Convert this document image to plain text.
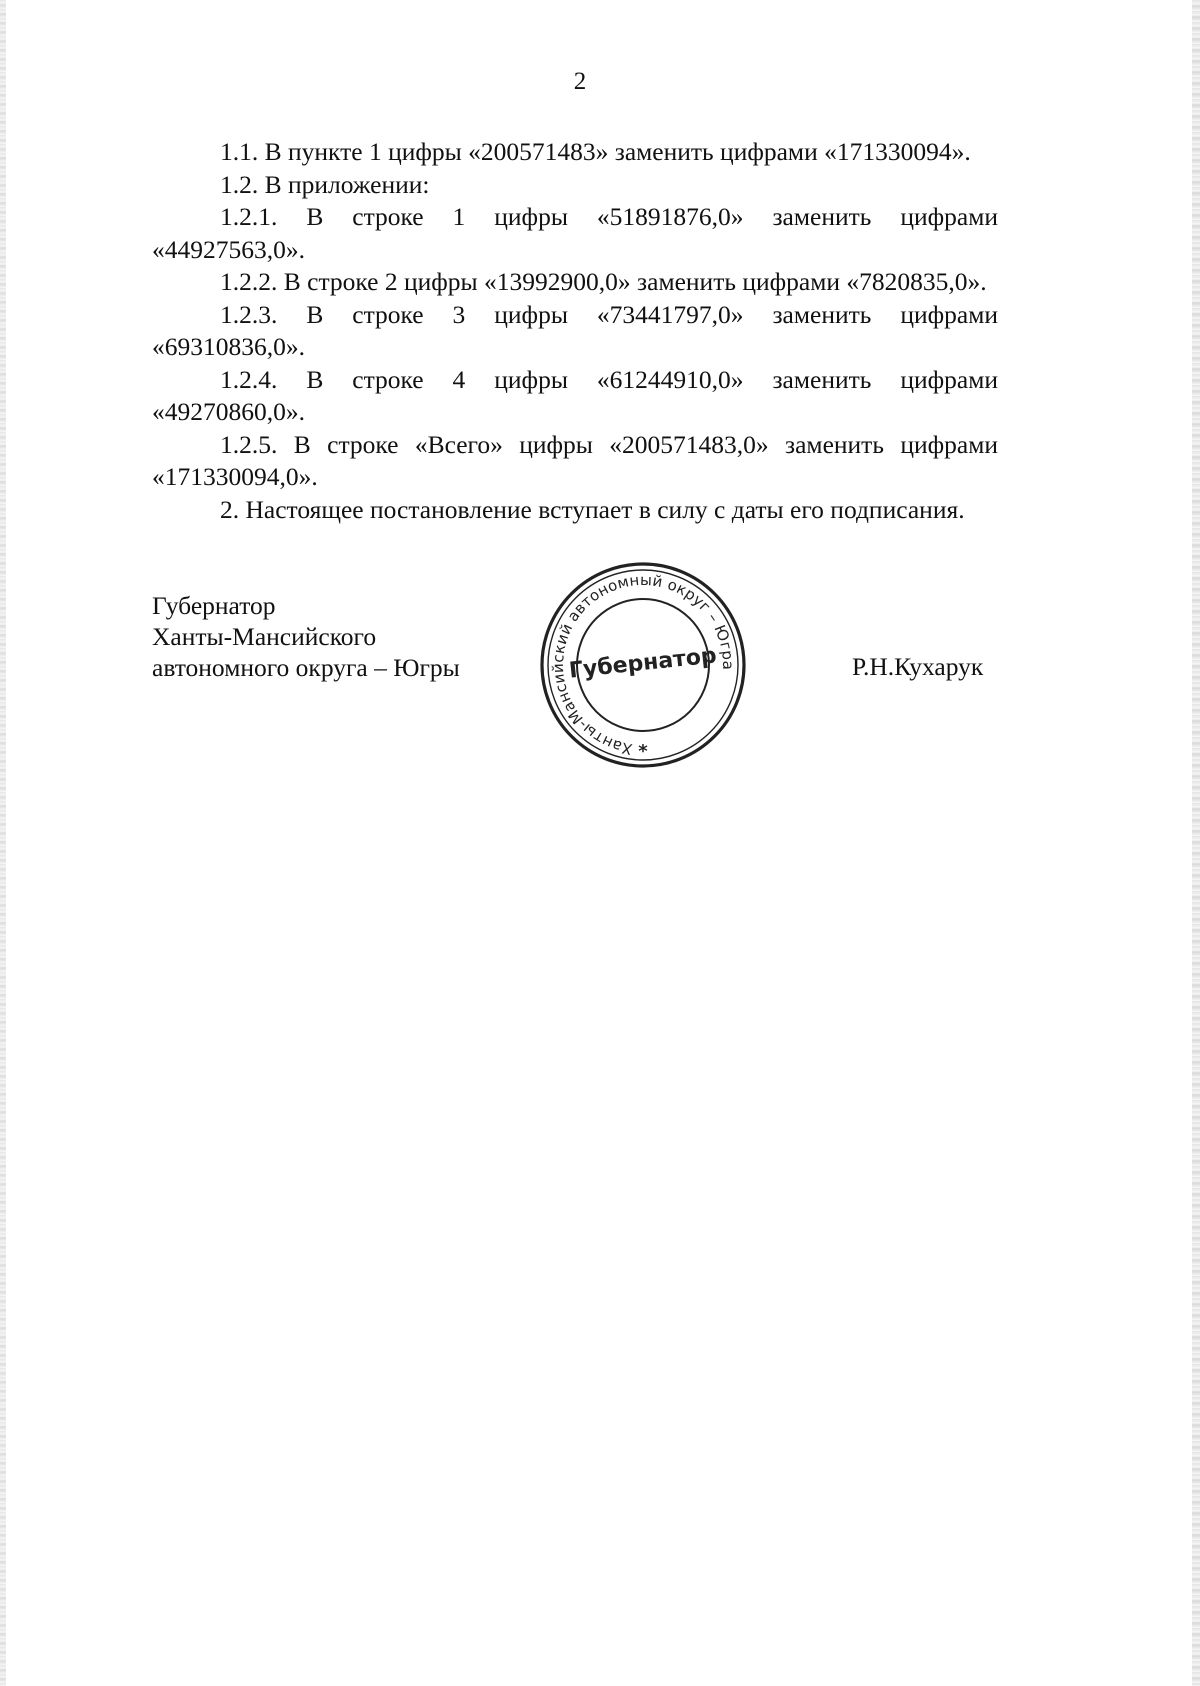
2

1.1. В пункте 1 цифры «200571483» заменить цифрами «171330094».

1.2. В приложении:

1.2.1. В строке 1 цифры «51891876,0» заменить цифрами «44927563,0».

1.2.2. В строке 2 цифры «13992900,0» заменить цифрами «7820835,0».

1.2.3. В строке 3 цифры «73441797,0» заменить цифрами «69310836,0».

1.2.4. В строке 4 цифры «61244910,0» заменить цифрами «49270860,0».

1.2.5. В строке «Всего» цифры «200571483,0» заменить цифрами «171330094,0».

2. Настоящее постановление вступает в силу с даты его подписания.

Губернатор
Ханты-Мансийского
автономного округа – Югры	Р.Н.Кухарук
Ханты-Мансийский автономный округ – Югра
Губернатор
*
